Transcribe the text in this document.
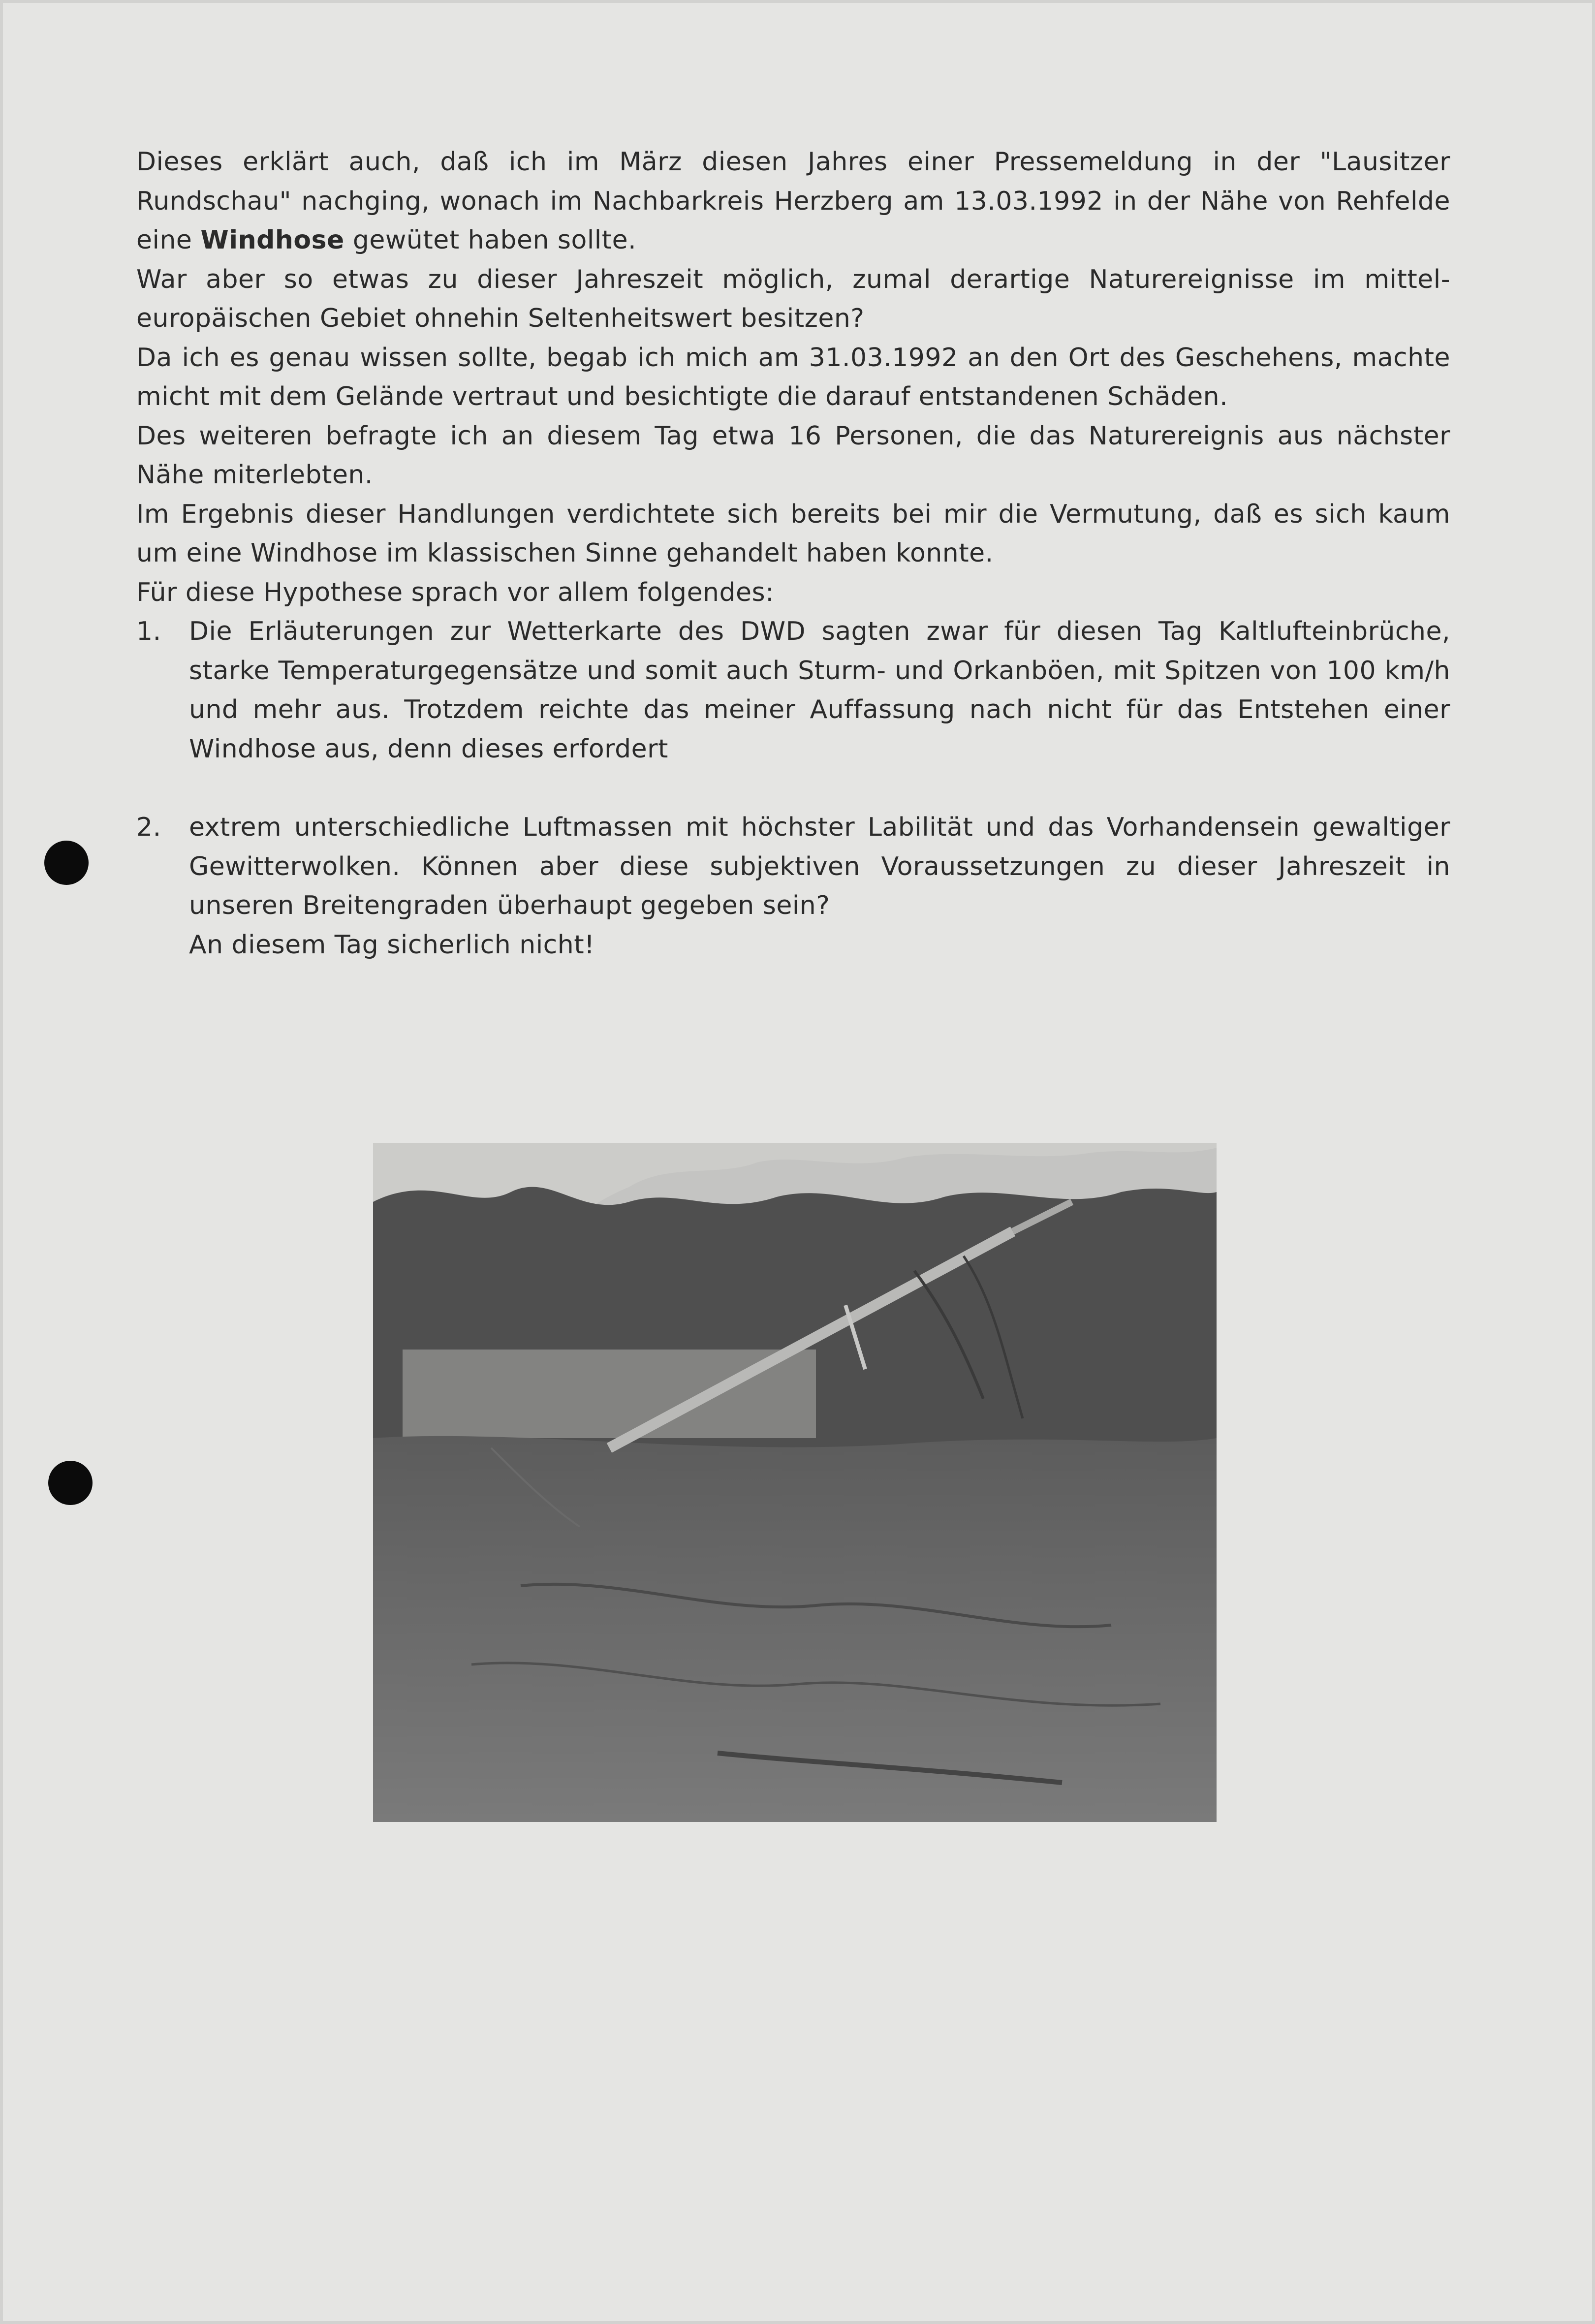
Dieses erklärt auch, daß ich im März diesen Jahres einer Pressemeldung in der "Lausitzer Rundschau" nachging, wonach im Nachbarkreis Herzberg am 13.03.1992 in der Nähe von Rehfelde eine Windhose gewütet haben sollte.

War aber so etwas zu dieser Jahreszeit möglich, zumal derartige Naturereignisse im mittel-europäischen Gebiet ohnehin Seltenheitswert besitzen?

Da ich es genau wissen sollte, begab ich mich am 31.03.1992 an den Ort des Geschehens, machte micht mit dem Gelände vertraut und besichtigte die darauf entstandenen Schäden.

Des weiteren befragte ich an diesem Tag etwa 16 Personen, die das Naturereignis aus nächster Nähe miterlebten.

Im Ergebnis dieser Handlungen verdichtete sich bereits bei mir die Vermutung, daß es sich kaum um eine Windhose im klassischen Sinne gehandelt haben konnte.

Für diese Hypothese sprach vor allem folgendes:

1. Die Erläuterungen zur Wetterkarte des DWD sagten zwar für diesen Tag Kaltlufteinbrüche, starke Temperaturgegensätze und somit auch Sturm- und Orkanböen, mit Spitzen von 100 km/h und mehr aus. Trotzdem reichte das meiner Auffassung nach nicht für das Entstehen einer Windhose aus, denn dieses erfordert
2. extrem unterschiedliche Luftmassen mit höchster Labilität und das Vorhandensein gewaltiger Gewitterwolken. Können aber diese subjektiven Voraussetzungen zu dieser Jahreszeit in unseren Breitengraden überhaupt gegeben sein?
An diesem Tag sicherlich nicht!
